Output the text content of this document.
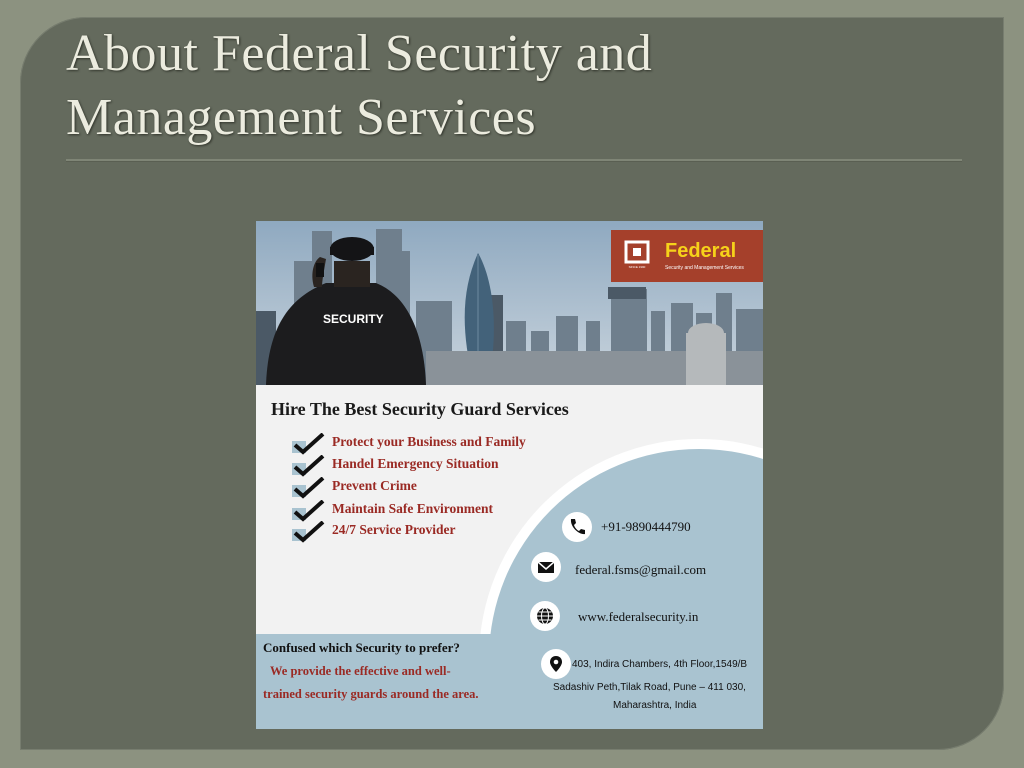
About Federal Security and
Management Services
SECURITY
SINCE 1990
Federal
Security and Management Services
Hire The Best Security Guard Services
Protect your Business and Family
Handel Emergency Situation
Prevent Crime
Maintain Safe Environment
24/7 Service Provider	+91-9890444790
federal.fsms@gmail.com
www.federalsecurity.in
403, Indira Chambers, 4th Floor,1549/B
Sadashiv Peth,Tilak Road, Pune – 411 030,
Maharashtra, India
Confused which Security to prefer?
We provide the effective and well-
trained security guards around the area.
